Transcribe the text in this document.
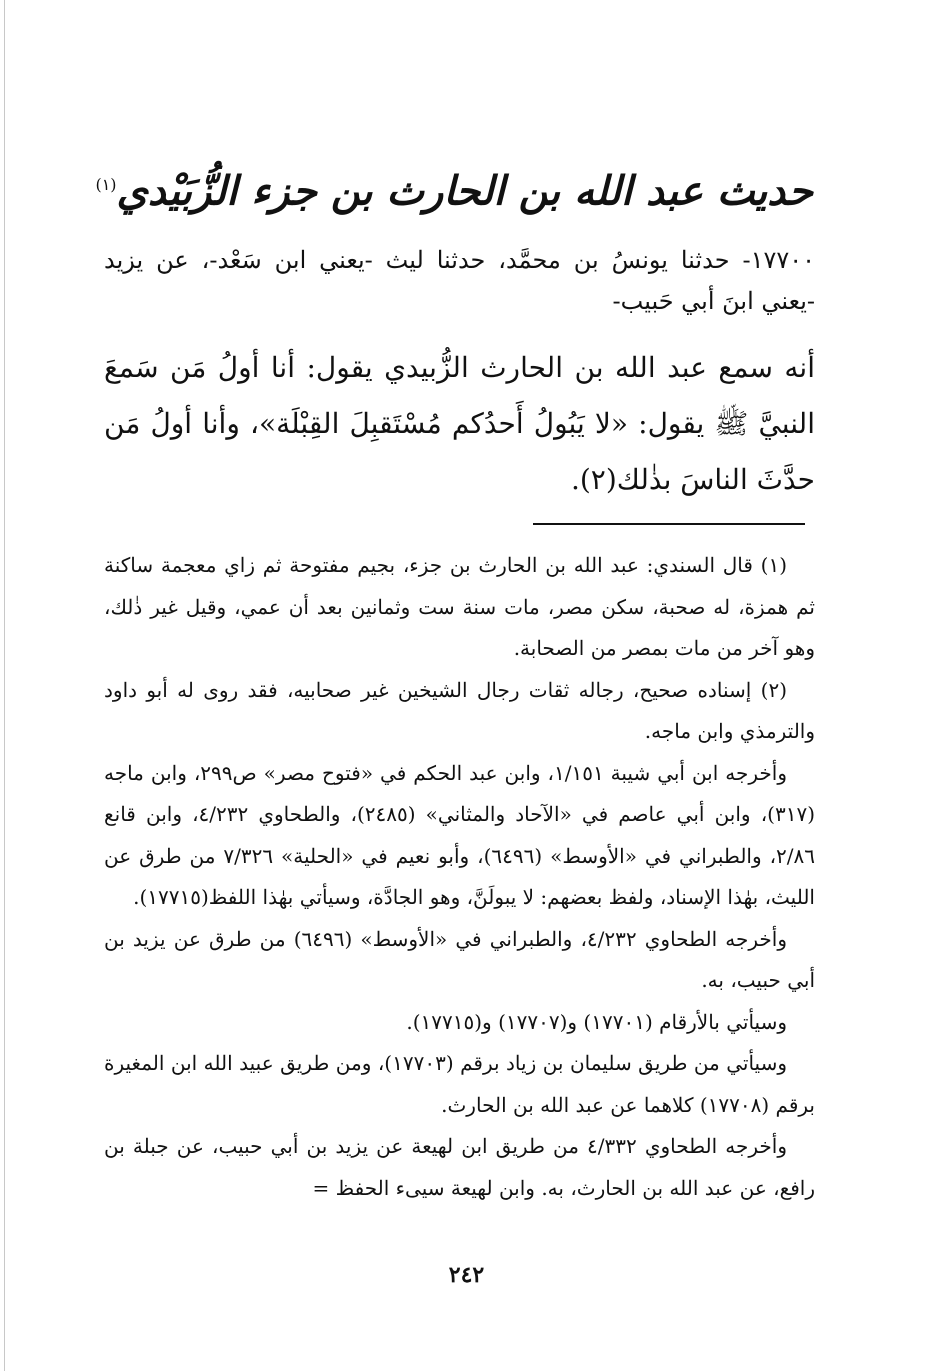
حديث عبد الله بن الحارث بن جزء الزُّبَيْدي$^{(١)}$
١٧٧٠٠- حدثنا يونسُ بن محمَّد، حدثنا ليث -يعني ابن سَعْد-، عن يزيد -يعني ابنَ أبي حَبيب-
أنه سمع عبد الله بن الحارث الزُّبيدي يقول: أنا أولُ مَن سَمعَ النبيَّ ﷺ يقول: «لا يَبُولُ أَحدُكم مُسْتَقبِلَ القِبْلَة»، وأنا أولُ مَن حدَّثَ الناسَ بذٰلك(٢).

(١) قال السندي: عبد الله بن الحارث بن جزء، بجيم مفتوحة ثم زاي معجمة ساكنة ثم همزة، له صحبة، سكن مصر، مات سنة ست وثمانين بعد أن عمي، وقيل غير ذٰلك، وهو آخر من مات بمصر من الصحابة.

(٢) إسناده صحيح، رجاله ثقات رجال الشيخين غير صحابيه، فقد روى له أبو داود والترمذي وابن ماجه.

وأخرجه ابن أبي شيبة ١/١٥١، وابن عبد الحكم في «فتوح مصر» ص٢٩٩، وابن ماجه (٣١٧)، وابن أبي عاصم في «الآحاد والمثاني» (٢٤٨٥)، والطحاوي ٤/٢٣٢، وابن قانع ٢/٨٦، والطبراني في «الأوسط» (٦٤٩٦)، وأبو نعيم في «الحلية» ٧/٣٢٦ من طرق عن الليث، بهٰذا الإسناد، ولفظ بعضهم: لا يبولَنَّ، وهو الجادَّة، وسيأتي بهٰذا اللفظ(١٧٧١٥).

وأخرجه الطحاوي ٤/٢٣٢، والطبراني في «الأوسط» (٦٤٩٦) من طرق عن يزيد بن أبي حبيب، به.

وسيأتي بالأرقام (١٧٧٠١) و(١٧٧٠٧) و(١٧٧١٥).

وسيأتي من طريق سليمان بن زياد برقم (١٧٧٠٣)، ومن طريق عبيد الله ابن المغيرة برقم (١٧٧٠٨) كلاهما عن عبد الله بن الحارث.

وأخرجه الطحاوي ٤/٣٣٢ من طريق ابن لهيعة عن يزيد بن أبي حبيب، عن جبلة بن رافع، عن عبد الله بن الحارث، به. وابن لهيعة سيىء الحفظ =

٢٤٢
